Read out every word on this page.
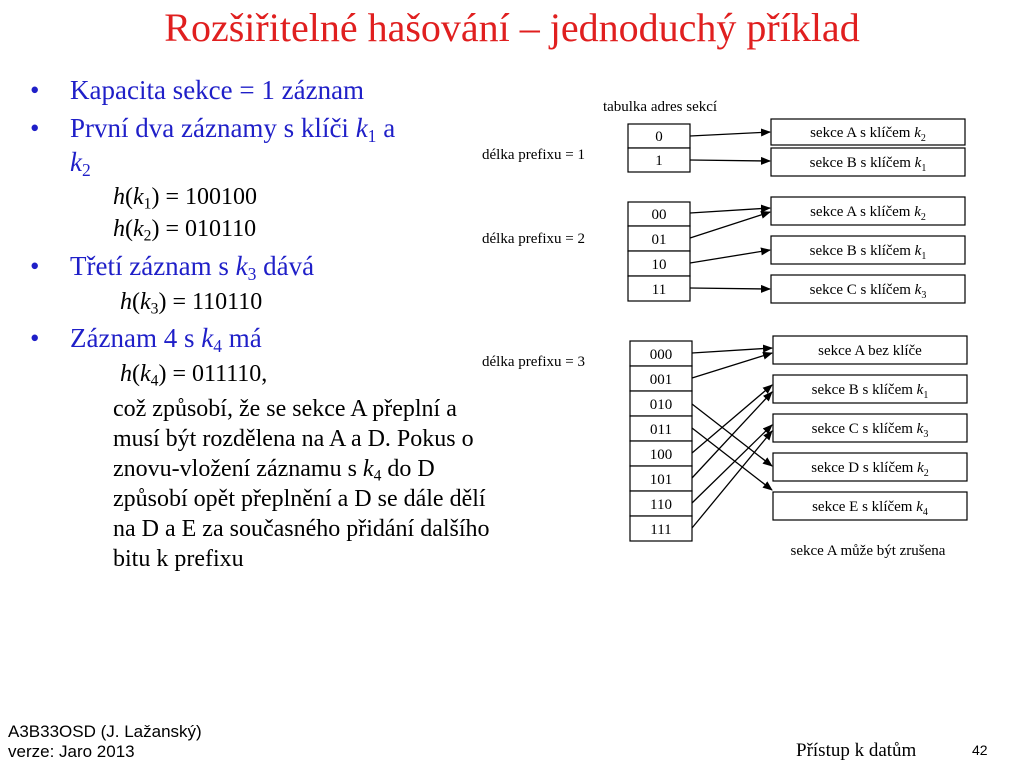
Rozšiřitelné hašování – jednoduchý příklad
• Kapacita sekce = 1 záznam
• První dva záznamy s klíči $k_1$ a
$k_2$
$h(k_1) = 100100$
$h(k_2) = 010110$
• Třetí záznam s $k_3$ dává
$h(k_3) = 110110$
• Záznam 4 s $k_4$ má
$h(k_4) = 011110$,
což způsobí, že se sekce A přeplní a musí být rozdělena na A a D. Pokus o znovu-vložení záznamu s $k_4$ do D způsobí opět přeplnění a D se dále dělí na D a E za současného přidání dalšího bitu k prefixu
tabulka adres sekcí
délka prefixu = 1
0
1
sekce A s klíčem $k_2$
sekce B s klíčem $k_1$
délka prefixu = 2
00
01
10
11
sekce A s klíčem $k_2$
sekce B s klíčem $k_1$
sekce C s klíčem $k_3$
délka prefixu = 3	000
001
010
011
100
101
110
111
sekce A bez klíče
sekce B s klíčem $k_1$
sekce C s klíčem $k_3$
sekce D s klíčem $k_2$
sekce E s klíčem $k_4$
sekce A může být zrušena
A3B33OSD (J. Lažanský)
verze: Jaro 2013	Přístup k datům	42
